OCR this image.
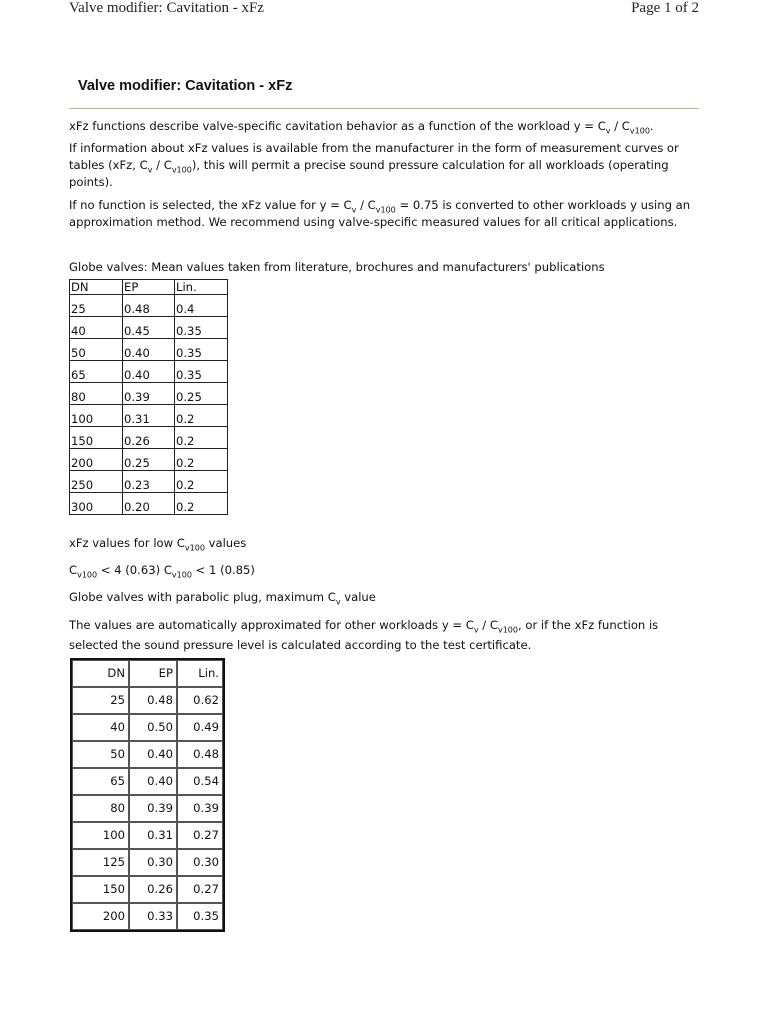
Valve modifier: Cavitation - xFz	Page 1 of 2
Valve modifier: Cavitation - xFz

xFz functions describe valve-specific cavitation behavior as a function of the workload $y = C_v / C_{v100}$.

If information about xFz values is available from the manufacturer in the form of measurement curves or tables (xFz, $C_v / C_{v100}$), this will permit a precise sound pressure calculation for all workloads (operating points).

If no function is selected, the xFz value for $y = C_v / C_{v100} = 0.75$ is converted to other workloads y using an approximation method. We recommend using valve-specific measured values for all critical applications.

Globe valves: Mean values taken from literature, brochures and manufacturers' publications

DN	EP	Lin.
25	0.48	0.4
40	0.45	0.35
50	0.40	0.35
65	0.40	0.35
80	0.39	0.25
100	0.31	0.2
150	0.26	0.2
200	0.25	0.2
250	0.23	0.2
300	0.20	0.2

xFz values for low $C_{v100}$ values

$C_{v100} < 4$ (0.63) $C_{v100} < 1$ (0.85)

Globe valves with parabolic plug, maximum $C_v$ value

The values are automatically approximated for other workloads $y = C_v / C_{v100}$, or if the xFz function is selected the sound pressure level is calculated according to the test certificate.

DN	EP	Lin.
25	0.48	0.62
40	0.50	0.49
50	0.40	0.48
65	0.40	0.54
80	0.39	0.39
100	0.31	0.27
125	0.30	0.30
150	0.26	0.27
200	0.33	0.35
